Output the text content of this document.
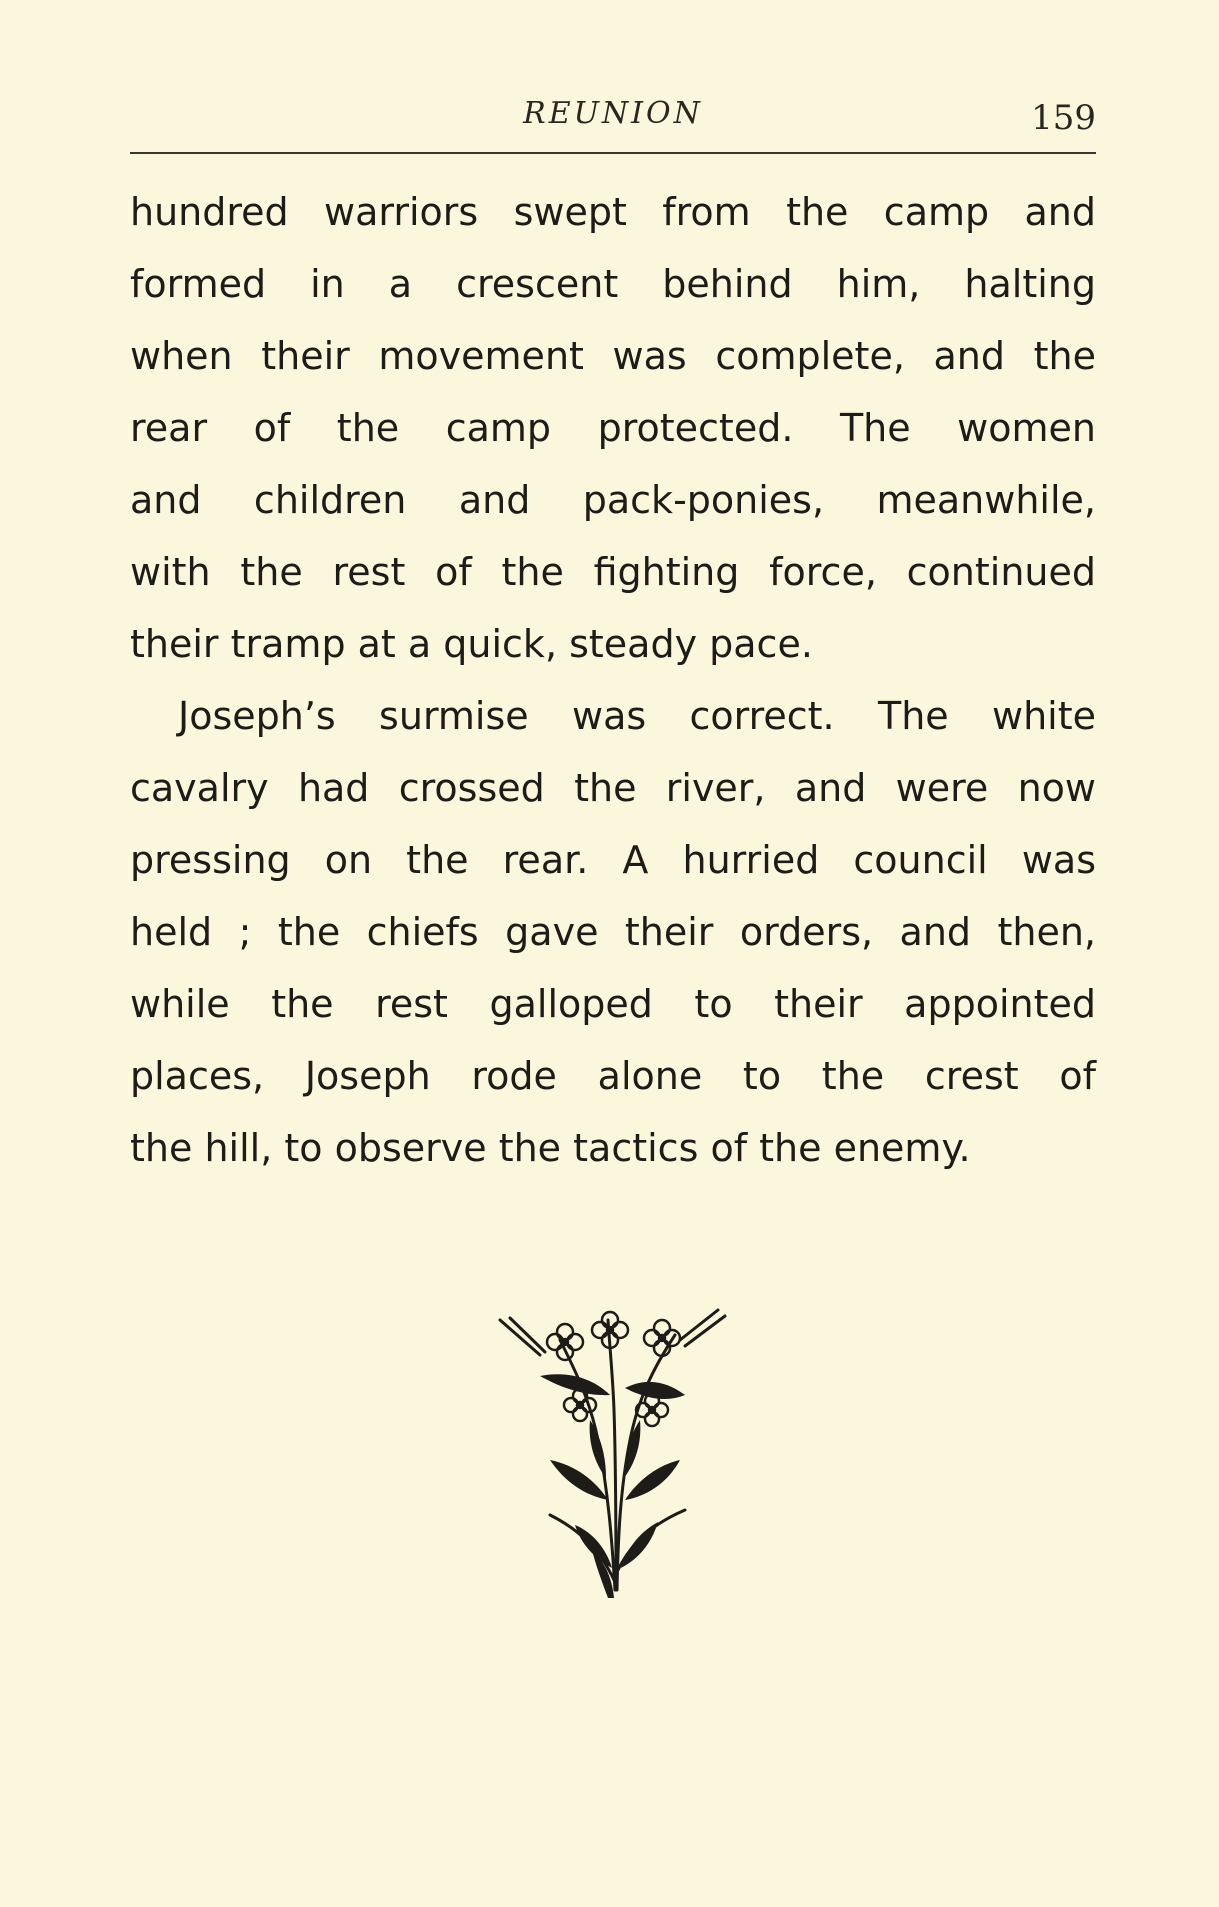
REUNION	159
hundred warriors swept from the camp and
formed in a crescent behind him, halting
when their movement was complete, and the
rear of the camp protected. The women
and children and pack-ponies, meanwhile,
with the rest of the fighting force, continued
their tramp at a quick, steady pace.
Joseph’s surmise was correct. The white
cavalry had crossed the river, and were now
pressing on the rear. A hurried council was
held ; the chiefs gave their orders, and then,
while the rest galloped to their appointed
places, Joseph rode alone to the crest of
the hill, to observe the tactics of the enemy.
